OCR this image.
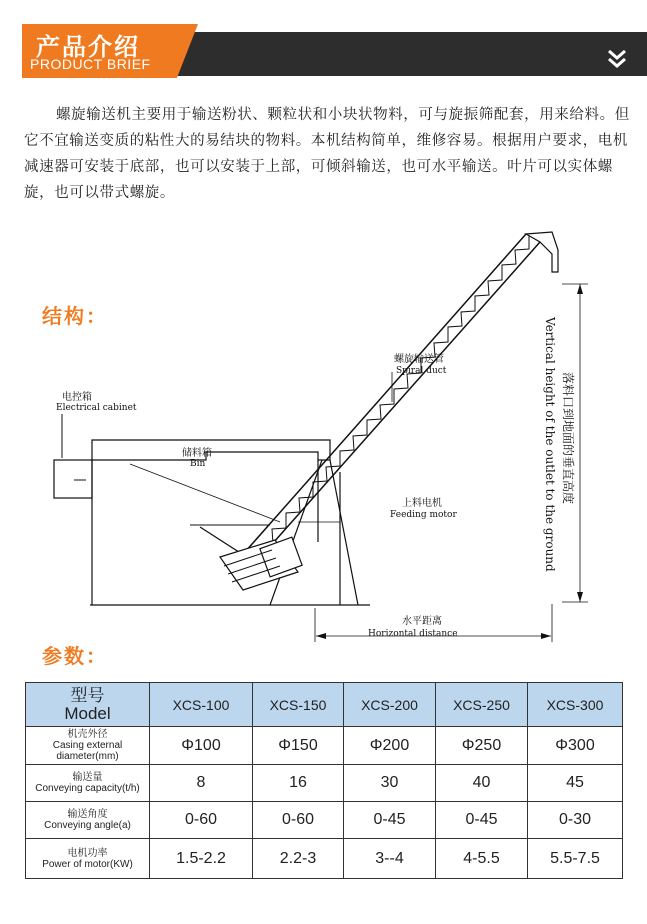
产品介绍
PRODUCT BRIEF

螺旋输送机主要用于输送粉状、颗粒状和小块状物料，可与旋振筛配套，用来给料。但它不宜输送变质的粘性大的易结块的物料。本机结构简单，维修容易。根据用户要求，电机减速器可安装于底部，也可以安装于上部，可倾斜输送，也可水平输送。叶片可以实体螺旋，也可以带式螺旋。

结构：
电控箱
Electrical cabinet
储料箱
Bin
螺旋输送管
Spiral duct
上料电机
Feeding motor
水平距离
Horizontal distance
落料口到地面的垂直高度
Vertical height of the outlet to the ground
参数：
型号
Model	XCS-100	XCS-150	XCS-200	XCS-250	XCS-300

机壳外径
Casing external diameter(mm)	Φ100	Φ150	Φ200	Φ250	Φ300

输送量
Conveying capacity(t/h)	8	16	30	40	45

输送角度
Conveying angle(a)	0-60	0-60	0-45	0-45	0-30

电机功率
Power of motor(KW)	1.5-2.2	2.2-3	3--4	4-5.5	5.5-7.5
